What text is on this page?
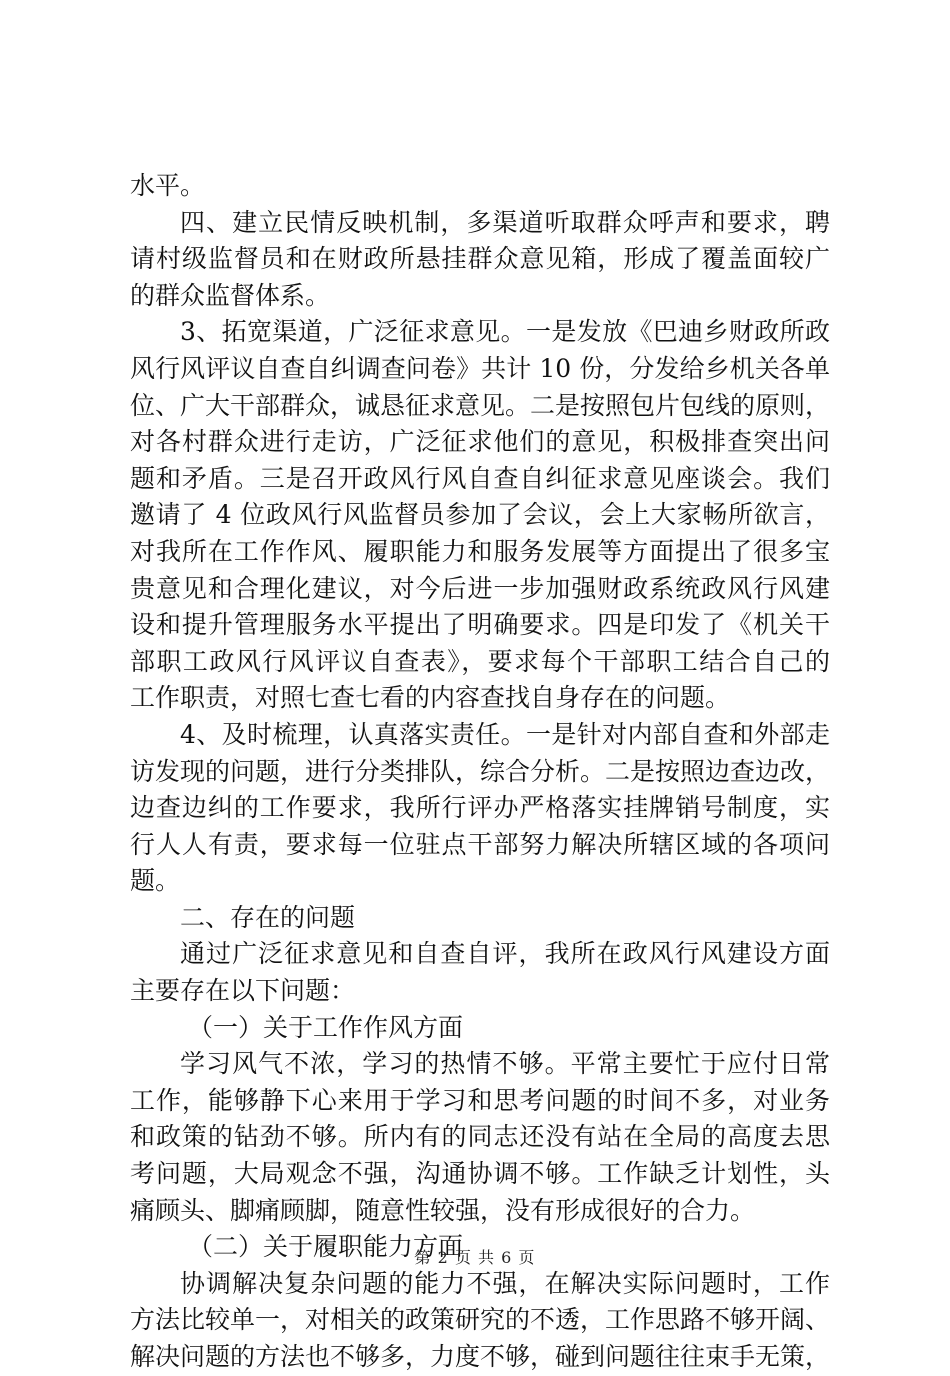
水平。
四、建立民情反映机制，多渠道听取群众呼声和要求，聘
请村级监督员和在财政所悬挂群众意见箱，形成了覆盖面较广
的群众监督体系。
3、拓宽渠道，广泛征求意见。一是发放《巴迪乡财政所政
风行风评议自查自纠调查问卷》共计 10 份，分发给乡机关各单
位、广大干部群众，诚恳征求意见。二是按照包片包线的原则，
对各村群众进行走访，广泛征求他们的意见，积极排查突出问
题和矛盾。三是召开政风行风自查自纠征求意见座谈会。我们
邀请了 4 位政风行风监督员参加了会议，会上大家畅所欲言，
对我所在工作作风、履职能力和服务发展等方面提出了很多宝
贵意见和合理化建议，对今后进一步加强财政系统政风行风建
设和提升管理服务水平提出了明确要求。四是印发了《机关干
部职工政风行风评议自查表》，要求每个干部职工结合自己的
工作职责，对照七查七看的内容查找自身存在的问题。
4、及时梳理，认真落实责任。一是针对内部自查和外部走
访发现的问题，进行分类排队，综合分析。二是按照边查边改，
边查边纠的工作要求，我所行评办严格落实挂牌销号制度，实
行人人有责，要求每一位驻点干部努力解决所辖区域的各项问
题。
二、存在的问题
通过广泛征求意见和自查自评，我所在政风行风建设方面
主要存在以下问题：
（一）关于工作作风方面
学习风气不浓，学习的热情不够。平常主要忙于应付日常
工作，能够静下心来用于学习和思考问题的时间不多，对业务
和政策的钻劲不够。所内有的同志还没有站在全局的高度去思
考问题，大局观念不强，沟通协调不够。工作缺乏计划性，头
痛顾头、脚痛顾脚，随意性较强，没有形成很好的合力。
（二）关于履职能力方面
协调解决复杂问题的能力不强，在解决实际问题时，工作
方法比较单一，对相关的政策研究的不透，工作思路不够开阔、
解决问题的方法也不够多，力度不够，碰到问题往往束手无策，
第 2 页 共 6 页
